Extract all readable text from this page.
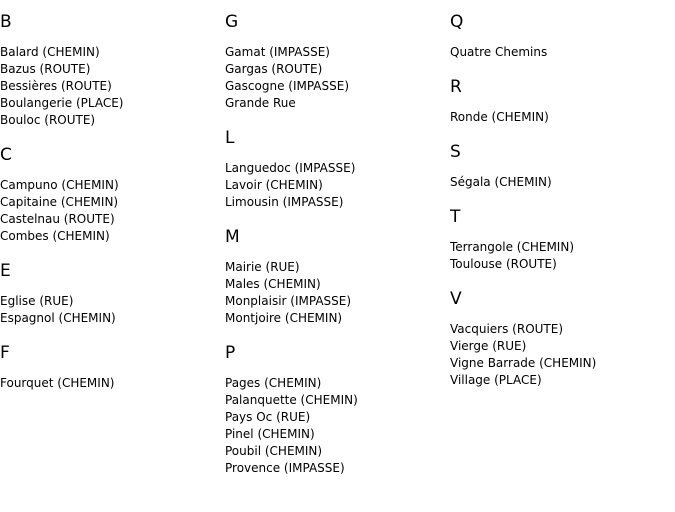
B
Balard (CHEMIN)
Bazus (ROUTE)
Bessières (ROUTE)
Boulangerie (PLACE)
Bouloc (ROUTE)
C
Campuno (CHEMIN)
Capitaine (CHEMIN)
Castelnau (ROUTE)
Combes (CHEMIN)
E
Eglise (RUE)
Espagnol (CHEMIN)
F
Fourquet (CHEMIN)
G
Gamat (IMPASSE)
Gargas (ROUTE)
Gascogne (IMPASSE)
Grande Rue
L
Languedoc (IMPASSE)
Lavoir (CHEMIN)
Limousin (IMPASSE)
M
Mairie (RUE)
Males (CHEMIN)
Monplaisir (IMPASSE)
Montjoire (CHEMIN)
P
Pages (CHEMIN)
Palanquette (CHEMIN)
Pays Oc (RUE)
Pinel (CHEMIN)
Poubil (CHEMIN)
Provence (IMPASSE)
Q
Quatre Chemins
R
Ronde (CHEMIN)
S
Ségala (CHEMIN)
T
Terrangole (CHEMIN)
Toulouse (ROUTE)
V
Vacquiers (ROUTE)
Vierge (RUE)
Vigne Barrade (CHEMIN)
Village (PLACE)
